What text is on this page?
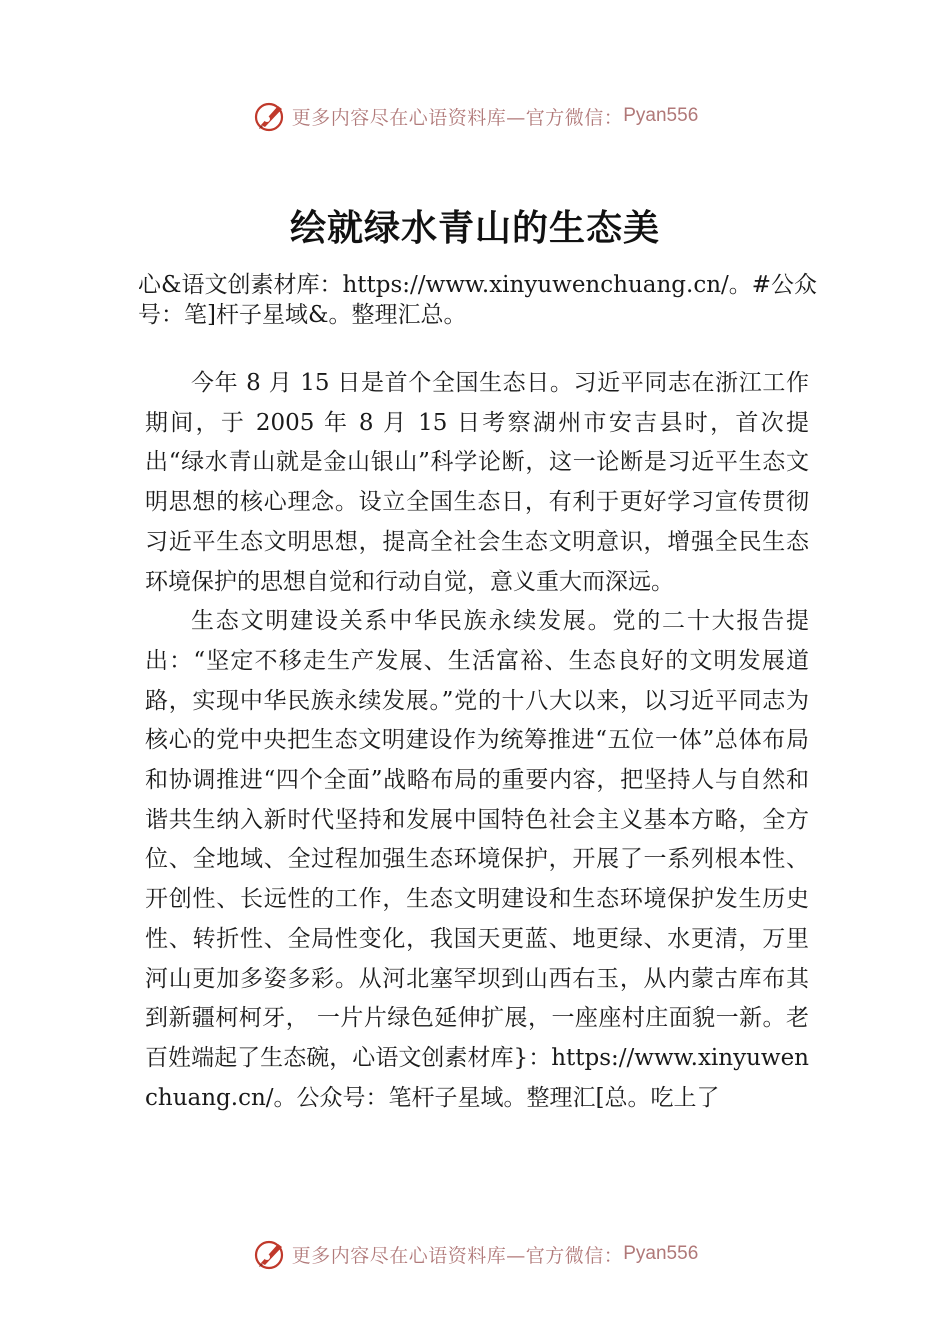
更多内容尽在心语资料库—官方微信： Pyan556
绘就绿水青山的生态美
心&语文创素材库：https://www.xinyuwenchuang.cn/。#公众号：笔]杆子星域&。整理汇总。

今年 8 月 15 日是首个全国生态日。习近平同志在浙江工作期间，于 2005 年 8 月 15 日考察湖州市安吉县时，首次提出“绿水青山就是金山银山”科学论断，这一论断是习近平生态文明思想的核心理念。设立全国生态日，有利于更好学习宣传贯彻习近平生态文明思想，提高全社会生态文明意识，增强全民生态环境保护的思想自觉和行动自觉，意义重大而深远。

生态文明建设关系中华民族永续发展。党的二十大报告提出：“坚定不移走生产发展、生活富裕、生态良好的文明发展道路，实现中华民族永续发展。”党的十八大以来，以习近平同志为核心的党中央把生态文明建设作为统筹推进“五位一体”总体布局和协调推进“四个全面”战略布局的重要内容，把坚持人与自然和谐共生纳入新时代坚持和发展中国特色社会主义基本方略，全方位、全地域、全过程加强生态环境保护，开展了一系列根本性、开创性、长远性的工作，生态文明建设和生态环境保护发生历史性、转折性、全局性变化，我国天更蓝、地更绿、水更清，万里河山更加多姿多彩。从河北塞罕坝到山西右玉，从内蒙古库布其到新疆柯柯牙， 一片片绿色延伸扩展，一座座村庄面貌一新。老百姓端起了生态碗，心语文创素材库}：https://www.xinyuwenchuang.cn/。公众号：笔杆子星域。整理汇[总。吃上了

更多内容尽在心语资料库—官方微信： Pyan556
